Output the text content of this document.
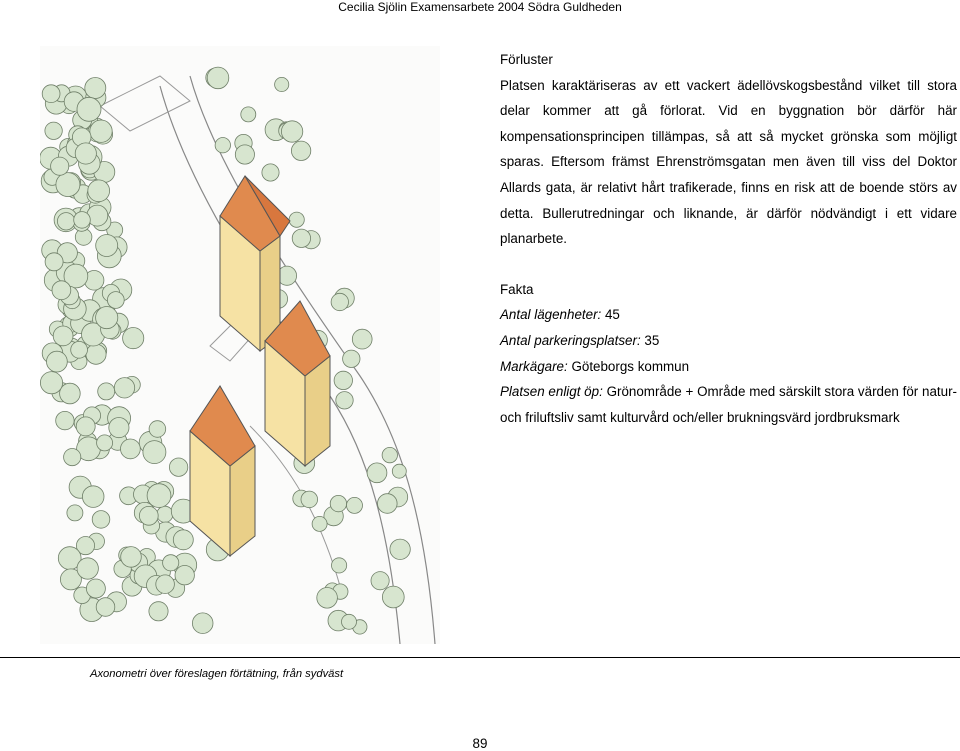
Cecilia Sjölin Examensarbete 2004 Södra Guldheden
Förluster

Platsen karaktäriseras av ett vackert ädellövskogsbestånd vilket till stora delar kommer att gå förlorat. Vid en byggnation bör därför här kompensationsprincipen tillämpas, så att så mycket grönska som möjligt sparas. Eftersom främst Ehrenströmsgatan men även till viss del Doktor Allards gata, är relativt hårt trafikerade, finns en risk att de boende störs av detta. Bullerutredningar och liknande, är därför nödvändigt i ett vidare planarbete.

Fakta
Antal lägenheter: 45
Antal parkeringsplatser: 35
Markägare: Göteborgs kommun
Platsen enligt öp: Grönområde + Område med särskilt stora värden för natur- och friluftsliv samt kulturvård och/eller brukningsvärd jordbruksmark
Axonometri över föreslagen förtätning, från sydväst
89
